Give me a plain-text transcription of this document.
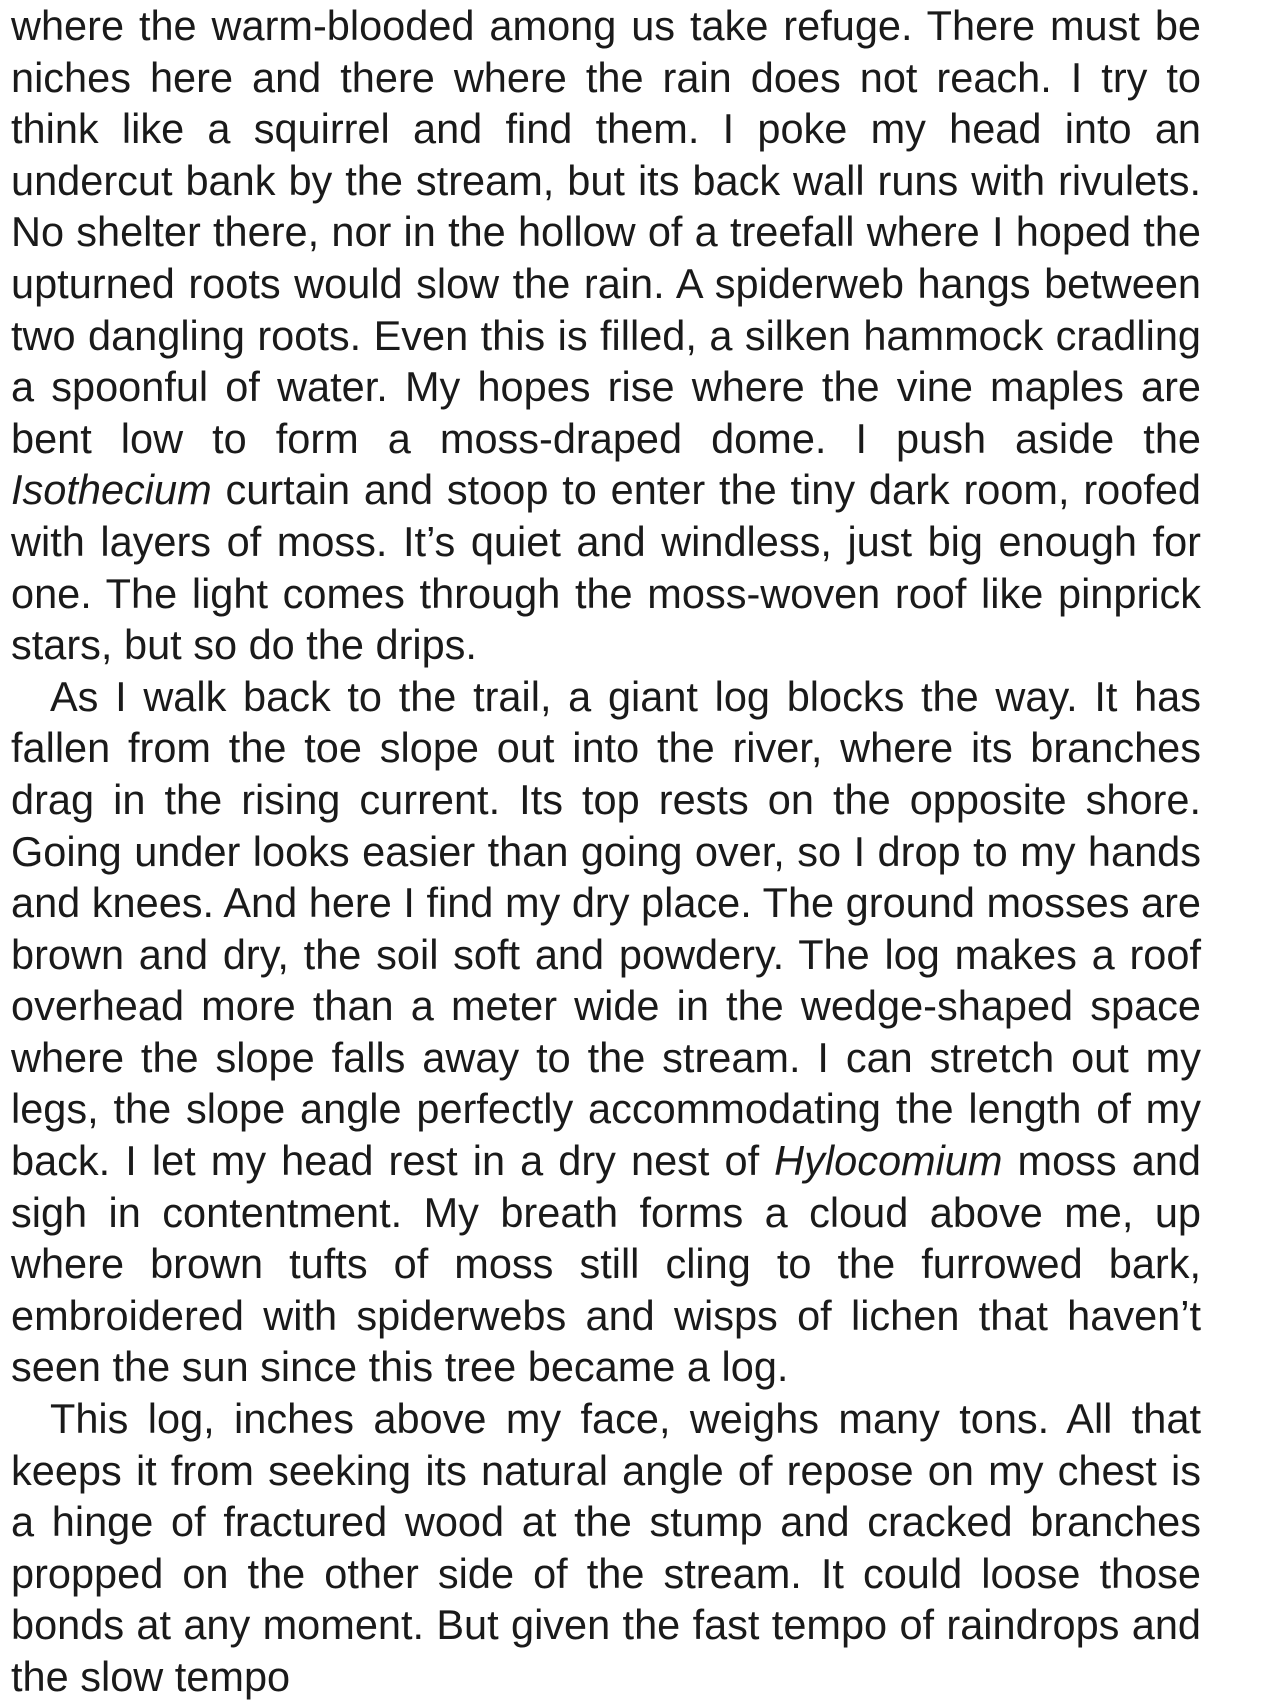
where the warm-blooded among us take refuge. There must be niches here and there where the rain does not reach. I try to think like a squirrel and find them. I poke my head into an undercut bank by the stream, but its back wall runs with rivulets. No shelter there, nor in the hollow of a treefall where I hoped the upturned roots would slow the rain. A spiderweb hangs between two dangling roots. Even this is filled, a silken hammock cradling a spoonful of water. My hopes rise where the vine maples are bent low to form a moss-draped dome. I push aside the Isothecium curtain and stoop to enter the tiny dark room, roofed with layers of moss. It’s quiet and windless, just big enough for one. The light comes through the moss-woven roof like pinprick stars, but so do the drips.

As I walk back to the trail, a giant log blocks the way. It has fallen from the toe slope out into the river, where its branches drag in the rising current. Its top rests on the opposite shore. Going under looks easier than going over, so I drop to my hands and knees. And here I find my dry place. The ground mosses are brown and dry, the soil soft and powdery. The log makes a roof overhead more than a meter wide in the wedge-shaped space where the slope falls away to the stream. I can stretch out my legs, the slope angle perfectly accommodating the length of my back. I let my head rest in a dry nest of Hylocomium moss and sigh in contentment. My breath forms a cloud above me, up where brown tufts of moss still cling to the furrowed bark, embroidered with spiderwebs and wisps of lichen that haven’t seen the sun since this tree became a log.

This log, inches above my face, weighs many tons. All that keeps it from seeking its natural angle of repose on my chest is a hinge of fractured wood at the stump and cracked branches propped on the other side of the stream. It could loose those bonds at any moment. But given the fast tempo of raindrops and the slow tempo
